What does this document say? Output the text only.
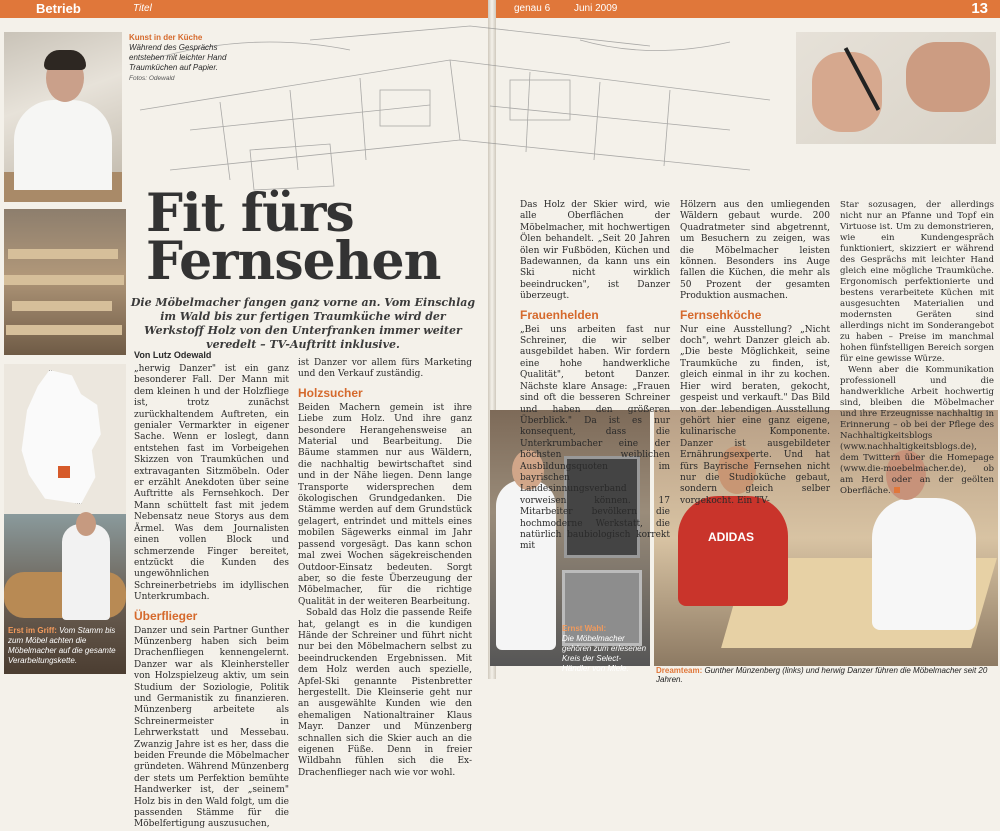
Betrieb	Titel	genau 6 Juni 2009	13
Kunst in der Küche
Während des Gesprächs entstehen mit leichter Hand Traumküchen auf Papier. Fotos: Odewald
Erst im Griff: Vom Stamm bis zum Möbel achten die Möbelmacher auf die gesamte Verarbeitungskette.
Ernst Wahl:
Die Möbelmacher gehören zum erlesenen Kreis der Select-Händler von Miele.
ADIDAS
Dreamteam: Gunther Münzenberg (links) und herwig Danzer führen die Möbelmacher seit 20 Jahren.
Fit fürs
Fernsehen
Die Möbelmacher fangen ganz vorne an. Vom Einschlag im Wald bis zur fertigen Traumküche wird der Werkstoff Holz von den Unterfranken immer weiter veredelt – TV-Auftritt inklusive.
Von Lutz Odewald

„herwig Danzer" ist ein ganz besonderer Fall. Der Mann mit dem kleinen h und der Holzfliege ist, trotz zunächst zurückhaltendem Auftreten, ein genialer Vermarkter in eigener Sache. Wenn er loslegt, dann entstehen fast im Vorbeigehen Skizzen von Traumküchen und extravaganten Sitzmöbeln. Oder er erzählt Anekdoten über seine Auftritte als Fernsehkoch. Der Mann schüttelt fast mit jedem Nebensatz neue Storys aus dem Ärmel. Was dem Journalisten einen vollen Block und schmerzende Finger bereitet, entzückt die Kunden des ungewöhnlichen Schreinerbetriebs im idyllischen Unterkrumbach.

Überflieger

Danzer und sein Partner Gunther Münzenberg haben sich beim Drachenfliegen kennengelernt. Danzer war als Kleinhersteller von Holzspielzeug aktiv, um sein Studium der Soziologie, Politik und Germanistik zu finanzieren. Münzenberg arbeitete als Schreinermeister in Lehrwerkstatt und Messebau. Zwanzig Jahre ist es her, dass die beiden Freunde die Möbelmacher gründeten. Während Münzenberg der stets um Perfektion bemühte Handwerker ist, der „seinem" Holz bis in den Wald folgt, um die passenden Stämme für die Möbelfertigung auszusuchen,

ist Danzer vor allem fürs Marketing und den Verkauf zuständig.

Holzsucher

Beiden Machern gemein ist ihre Liebe zum Holz. Und ihre ganz besondere Herangehensweise an Material und Bearbeitung. Die Bäume stammen nur aus Wäldern, die nachhaltig bewirtschaftet sind und in der Nähe liegen. Denn lange Transporte widersprechen dem ökologischen Grundgedanken. Die Stämme werden auf dem Grundstück gelagert, entrindet und mittels eines mobilen Sägewerks einmal im Jahr passend vorgesägt. Das kann schon mal zwei Wochen sägekreischenden Outdoor-Einsatz bedeuten. Sorgt aber, so die feste Überzeugung der Möbelmacher, für die richtige Qualität in der weiteren Bearbeitung.

Sobald das Holz die passende Reife hat, gelangt es in die kundigen Hände der Schreiner und führt nicht nur bei den Möbelmachern selbst zu beeindruckenden Ergebnissen. Mit dem Holz werden auch spezielle, Apfel-Ski genannte Pistenbretter hergestellt. Die Kleinserie geht nur an ausgewählte Kunden wie den ehemaligen Nationaltrainer Klaus Mayr. Danzer und Münzenberg schnallen sich die Skier auch an die eigenen Füße. Denn in freier Wildbahn fühlen sich die Ex-Drachenflieger nach wie vor wohl.

Das Holz der Skier wird, wie alle Oberflächen der Möbelmacher, mit hochwertigen Ölen behandelt. „Seit 20 Jahren ölen wir Fußböden, Küchen und Badewannen, da kann uns ein Ski nicht wirklich beeindrucken", ist Danzer überzeugt.

Frauenhelden

„Bei uns arbeiten fast nur Schreiner, die wir selber ausgebildet haben. Wir fordern eine hohe handwerkliche Qualität", betont Danzer. Nächste klare Ansage: „Frauen sind oft die besseren Schreiner und haben den größeren Überblick." Da ist es nur konsequent, dass die Unterkrumbacher eine der höchsten weiblichen Ausbildungsquoten im bayrischen Landesinnungsverband vorweisen können. 17 Mitarbeiter bevölkern die hochmoderne Werkstatt, die natürlich baubiologisch korrekt mit

Hölzern aus den umliegenden Wäldern gebaut wurde. 200 Quadratmeter sind abgetrennt, um Besuchern zu zeigen, was die Möbelmacher leisten können. Besonders ins Auge fallen die Küchen, die mehr als 50 Prozent der gesamten Produktion ausmachen.

Fernsehköche

Nur eine Ausstellung? „Nicht doch", wehrt Danzer gleich ab. „Die beste Möglichkeit, seine Traumküche zu finden, ist, gleich einmal in ihr zu kochen. Hier wird beraten, gekocht, gespeist und verkauft." Das Bild von der lebendigen Ausstellung gehört hier eine ganz eigene, kulinarische Komponente. Danzer ist ausgebildeter Ernährungsexperte. Und hat fürs Bayrische Fernsehen nicht nur die Studioküche gebaut, sondern gleich selber vorgekocht. Ein TV-

Star sozusagen, der allerdings nicht nur an Pfanne und Topf ein Virtuose ist. Um zu demonstrieren, wie ein Kundengespräch funktioniert, skizziert er während des Gesprächs mit leichter Hand gleich eine mögliche Traumküche. Ergonomisch perfektionierte und bestens verarbeitete Küchen mit ausgesuchten Materialien und modernsten Geräten sind allerdings nicht im Sonderangebot zu haben – Preise im manchmal hohen fünfstelligen Bereich sorgen für eine gewisse Würze.

Wenn aber die Kommunikation professionell und die handwerkliche Arbeit hochwertig sind, bleiben die Möbelmacher und ihre Erzeugnisse nachhaltig in Erinnerung – ob bei der Pflege des Nachhaltigkeitsblogs (www.nachhaltigkeitsblogs.de), dem Twittern über die Homepage (www.die-moebelmacher.de), ob am Herd oder an der geölten Oberfläche.
